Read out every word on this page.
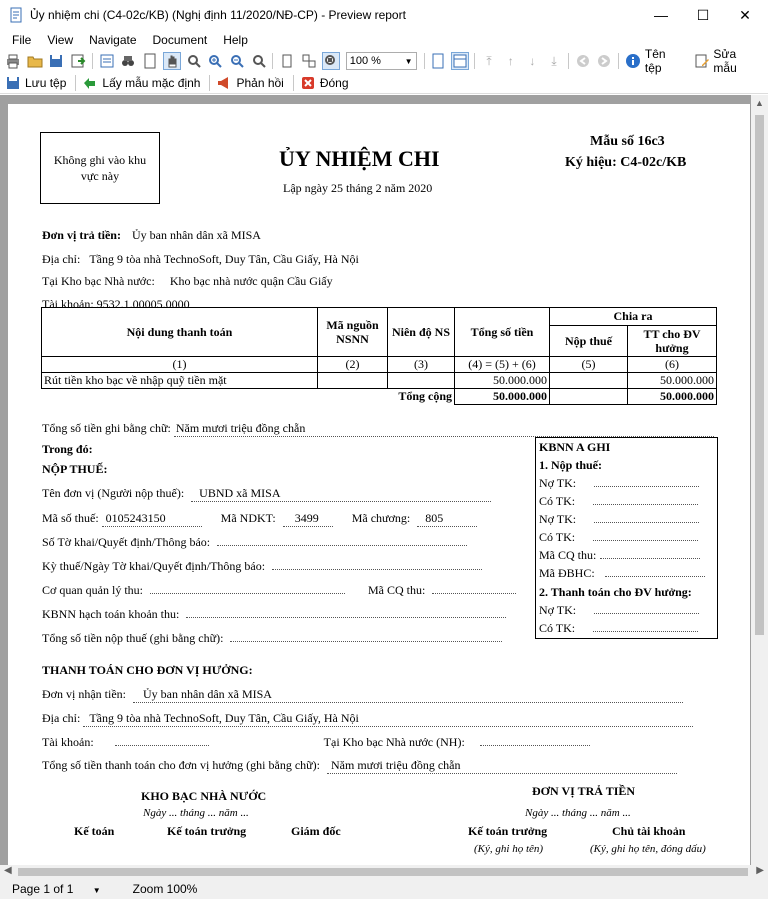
Ủy nhiệm chi (C4-02c/KB) (Nghị định 11/2020/NĐ-CP) - Preview report	—	☐	✕
File	View	Navigate	Document	Help
100 %	▼	⤒	↑	↓	⤓	Tên tệp
Sửa mẫu
Lưu tệp	Lấy mẫu mặc định	Phản hồi	Đóng
Không ghi vào khu vực này
ỦY NHIỆM CHI
Lập ngày 25 tháng 2 năm 2020
Mẫu số 16c3
Ký hiệu: C4-02c/KB
Đơn vị trả tiền: Ủy ban nhân dân xã MISA
Địa chỉ: Tầng 9 tòa nhà TechnoSoft, Duy Tân, Cầu Giấy, Hà Nội
Tại Kho bạc Nhà nước: Kho bạc nhà nước quận Cầu Giấy
Tài khoản: 9532.1.00005.0000
Nội dung thanh toán	Mã nguồn NSNN	Niên độ NS	Tổng số tiền	Chia ra	
				Nộp thuế	TT cho ĐV hưởng
(1)	(2)	(3)	(4) = (5) + (6)	(5)	(6)
Rút tiền kho bạc về nhập quỹ tiền mặt			50.000.000		50.000.000
Tổng cộng			50.000.000		50.000.000
Tổng số tiền ghi bằng chữ: Năm mươi triệu đồng chẵn
Trong đó:
NỘP THUẾ:
Tên đơn vị (Người nộp thuế): UBND xã MISA
Mã số thuế: 0105243150	Mã NDKT: 3499	Mã chương: 805
Số Tờ khai/Quyết định/Thông báo:
Kỳ thuế/Ngày Tờ khai/Quyết định/Thông báo:
Cơ quan quản lý thu:	Mã CQ thu:
KBNN hạch toán khoản thu:
Tổng số tiền nộp thuế (ghi bằng chữ):
KBNN A GHI
1. Nộp thuế:
Nợ TK:
Có TK:
Nợ TK:
Có TK:
Mã CQ thu:
Mã ĐBHC:
2. Thanh toán cho ĐV hưởng:
Nợ TK:
Có TK:
THANH TOÁN CHO ĐƠN VỊ HƯỞNG:
Đơn vị nhận tiền: Ủy ban nhân dân xã MISA
Địa chỉ: Tầng 9 tòa nhà TechnoSoft, Duy Tân, Cầu Giấy, Hà Nội
Tài khoản:	Tại Kho bạc Nhà nước (NH):
Tổng số tiền thanh toán cho đơn vị hưởng (ghi bằng chữ): Năm mươi triệu đồng chẵn
KHO BẠC NHÀ NƯỚC	ĐƠN VỊ TRẢ TIỀN
Ngày ... tháng ... năm ...	Ngày ... tháng ... năm ...
Kế toán	Kế toán trưởng	Giám đốc	Kế toán trưởng	Chủ tài khoản
(Ký, ghi họ tên)	(Ký, ghi họ tên, đóng dấu)
▲
◀	▶
Page 1 of 1 ▼	Zoom 100%
